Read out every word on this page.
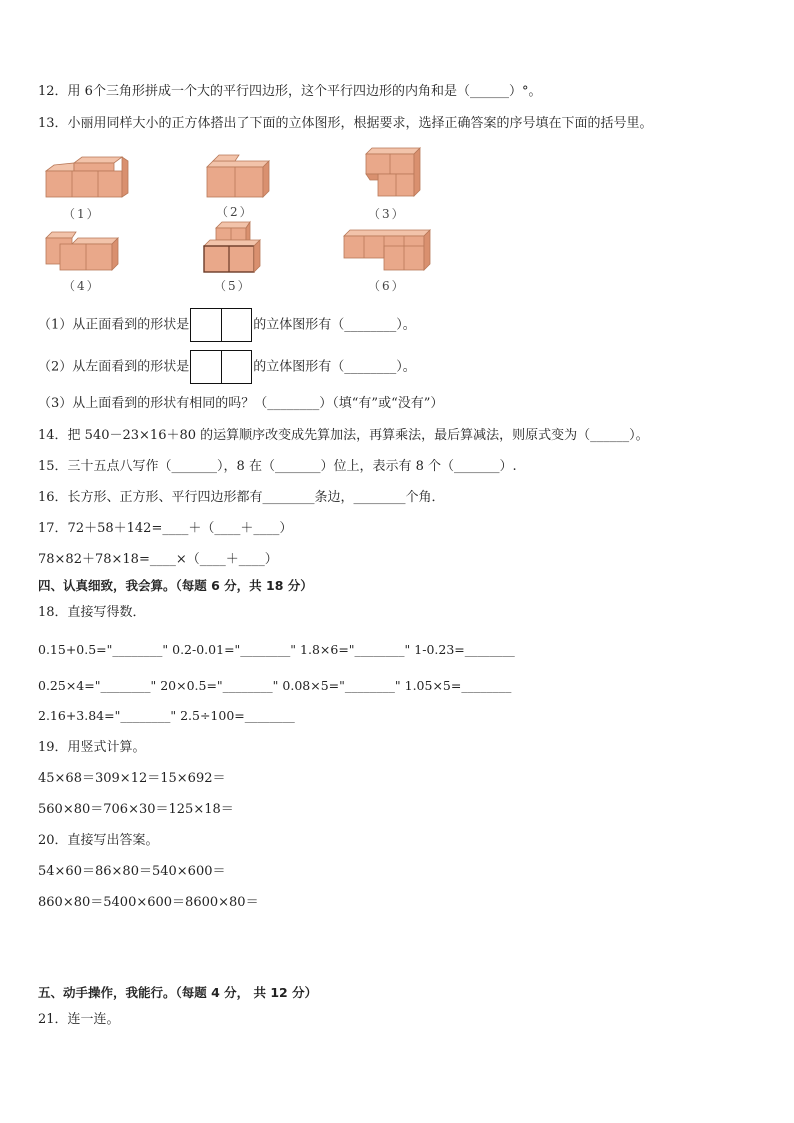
12．用 6个三角形拼成一个大的平行四边形，这个平行四边形的内角和是（______）°。
13．小丽用同样大小的正方体搭出了下面的立体图形，根据要求，选择正确答案的序号填在下面的括号里。
（1）	（2）	（3）
（4）	（5）	（6）
（1）从正面看到的形状是	的立体图形有（________）。
（2）从左面看到的形状是	的立体图形有（________）。
（3）从上面看到的形状有相同的吗？（________）（填“有”或“没有”）
14．把 540－23×16＋80 的运算顺序改变成先算加法，再算乘法，最后算减法，则原式变为（______）。
15．三十五点八写作（_______），8 在（_______）位上，表示有 8 个（_______）.
16．长方形、正方形、平行四边形都有________条边，________个角．
17．72＋58＋142=____＋（____＋____）
78×82＋78×18=____×（____＋____）
四、认真细致，我会算。（每题 6 分，共 18 分）
18．直接写得数．
0.15+0.5="________" 0.2-0.01="________" 1.8×6="________" 1-0.23=________
0.25×4="________" 20×0.5="________" 0.08×5="________" 1.05×5=________
2.16+3.84="________" 2.5÷100=________
19．用竖式计算。
45×68＝309×12＝15×692＝
560×80＝706×30＝125×18＝
20．直接写出答案。
54×60＝86×80＝540×600＝
860×80＝5400×600＝8600×80＝
五、动手操作，我能行。（每题 4 分， 共 12 分）
21．连一连。
